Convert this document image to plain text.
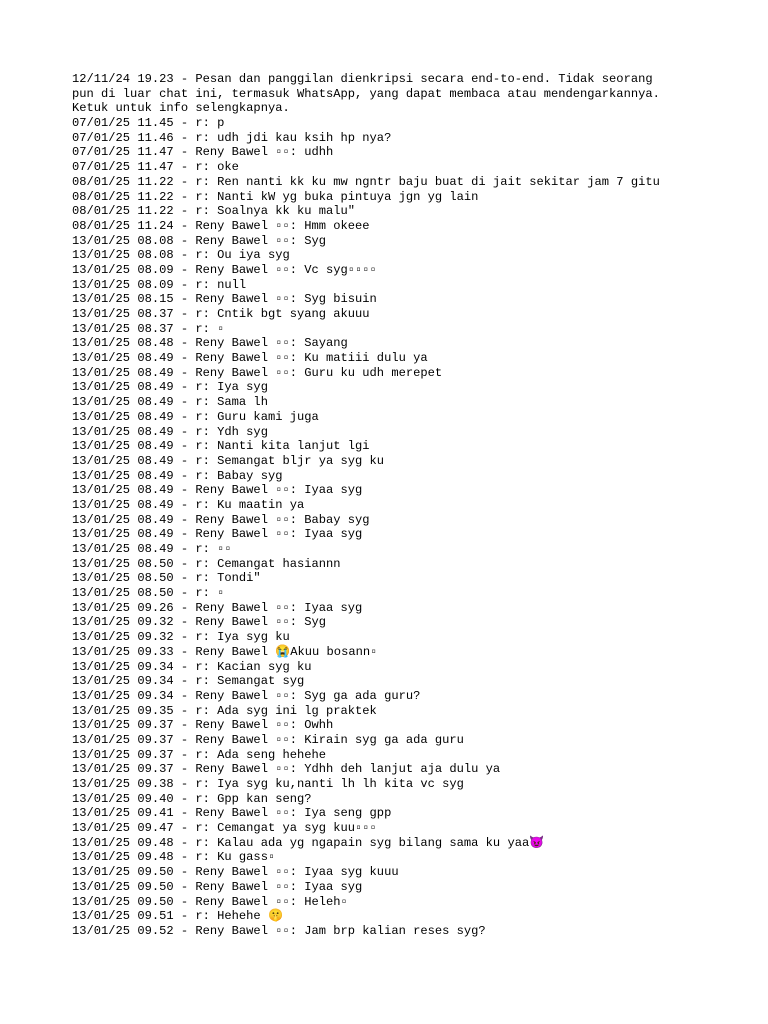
12/11/24 19.23 - Pesan dan panggilan dienkripsi secara end-to-end. Tidak seorang
pun di luar chat ini, termasuk WhatsApp, yang dapat membaca atau mendengarkannya.
Ketuk untuk info selengkapnya.
07/01/25 11.45 - r: p
07/01/25 11.46 - r: udh jdi kau ksih hp nya?
07/01/25 11.47 - Reny Bawel ▫▫: udhh
07/01/25 11.47 - r: oke
08/01/25 11.22 - r: Ren nanti kk ku mw ngntr baju buat di jait sekitar jam 7 gitu
08/01/25 11.22 - r: Nanti kW yg buka pintuya jgn yg lain
08/01/25 11.22 - r: Soalnya kk ku malu"
08/01/25 11.24 - Reny Bawel ▫▫: Hmm okeee
13/01/25 08.08 - Reny Bawel ▫▫: Syg
13/01/25 08.08 - r: Ou iya syg
13/01/25 08.09 - Reny Bawel ▫▫: Vc syg▫▫▫▫
13/01/25 08.09 - r: null
13/01/25 08.15 - Reny Bawel ▫▫: Syg bisuin
13/01/25 08.37 - r: Cntik bgt syang akuuu
13/01/25 08.37 - r: ▫
13/01/25 08.48 - Reny Bawel ▫▫: Sayang
13/01/25 08.49 - Reny Bawel ▫▫: Ku matiii dulu ya
13/01/25 08.49 - Reny Bawel ▫▫: Guru ku udh merepet
13/01/25 08.49 - r: Iya syg
13/01/25 08.49 - r: Sama lh
13/01/25 08.49 - r: Guru kami juga
13/01/25 08.49 - r: Ydh syg
13/01/25 08.49 - r: Nanti kita lanjut lgi
13/01/25 08.49 - r: Semangat bljr ya syg ku
13/01/25 08.49 - r: Babay syg
13/01/25 08.49 - Reny Bawel ▫▫: Iyaa syg
13/01/25 08.49 - r: Ku maatin ya
13/01/25 08.49 - Reny Bawel ▫▫: Babay syg
13/01/25 08.49 - Reny Bawel ▫▫: Iyaa syg
13/01/25 08.49 - r: ▫▫
13/01/25 08.50 - r: Cemangat hasiannn
13/01/25 08.50 - r: Tondi"
13/01/25 08.50 - r: ▫
13/01/25 09.26 - Reny Bawel ▫▫: Iyaa syg
13/01/25 09.32 - Reny Bawel ▫▫: Syg
13/01/25 09.32 - r: Iya syg ku
13/01/25 09.33 - Reny Bawel 😭Akuu bosann▫
13/01/25 09.34 - r: Kacian syg ku
13/01/25 09.34 - r: Semangat syg
13/01/25 09.34 - Reny Bawel ▫▫: Syg ga ada guru?
13/01/25 09.35 - r: Ada syg ini lg praktek
13/01/25 09.37 - Reny Bawel ▫▫: Owhh
13/01/25 09.37 - Reny Bawel ▫▫: Kirain syg ga ada guru
13/01/25 09.37 - r: Ada seng hehehe
13/01/25 09.37 - Reny Bawel ▫▫: Ydhh deh lanjut aja dulu ya
13/01/25 09.38 - r: Iya syg ku,nanti lh lh kita vc syg
13/01/25 09.40 - r: Gpp kan seng?
13/01/25 09.41 - Reny Bawel ▫▫: Iya seng gpp
13/01/25 09.47 - r: Cemangat ya syg kuu▫▫▫
13/01/25 09.48 - r: Kalau ada yg ngapain syg bilang sama ku yaa😈
13/01/25 09.48 - r: Ku gass▫
13/01/25 09.50 - Reny Bawel ▫▫: Iyaa syg kuuu
13/01/25 09.50 - Reny Bawel ▫▫: Iyaa syg
13/01/25 09.50 - Reny Bawel ▫▫: Heleh▫
13/01/25 09.51 - r: Hehehe 🤫
13/01/25 09.52 - Reny Bawel ▫▫: Jam brp kalian reses syg?
